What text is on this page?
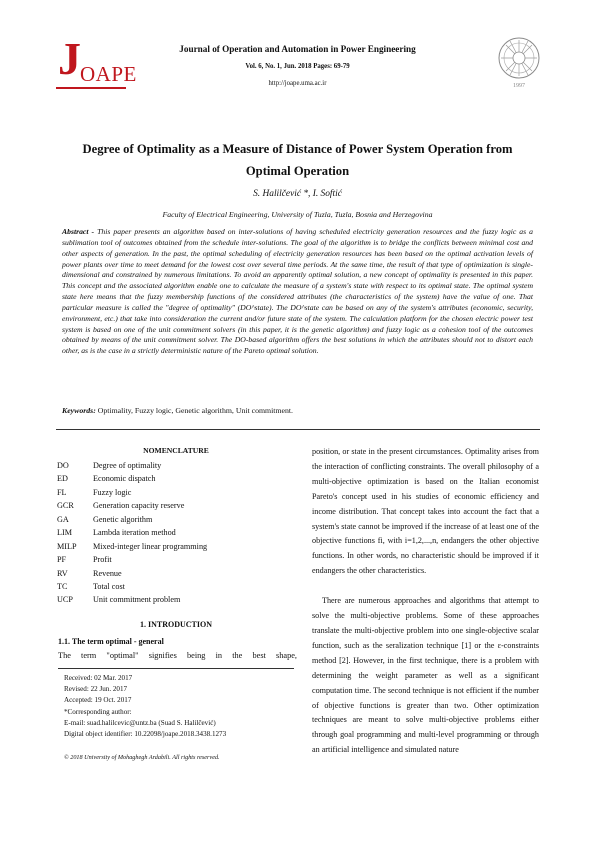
J OAPE
Journal of Operation and Automation in Power Engineering
Vol. 6, No. 1, Jun. 2018 Pages: 69-79
http://joape.uma.ac.ir	1997
Degree of Optimality as a Measure of Distance of Power System Operation from
Optimal Operation
S. Halilčević *, I. Softić
Faculty of Electrical Engineering, University of Tuzla, Tuzla, Bosnia and Herzegovina
Abstract - This paper presents an algorithm based on inter-solutions of having scheduled electricity generation resources and the fuzzy logic as a sublimation tool of outcomes obtained from the schedule inter-solutions. The goal of the algorithm is to bridge the conflicts between minimal cost and other aspects of generation. In the past, the optimal scheduling of electricity generation resources has been based on the optimal activation levels of power plants over time to meet demand for the lowest cost over several time periods. At the same time, the result of that type of optimization is single-dimensional and constrained by numerous limitations. To avoid an apparently optimal solution, a new concept of optimality is presented in this paper. This concept and the associated algorithm enable one to calculate the measure of a system's state with respect to its optimal state. The optimal system state here means that the fuzzy membership functions of the considered attributes (the characteristics of the system) have the value of one. That particular measure is called the "degree of optimality" (DO^state). The DO^state can be based on any of the system's attributes (economic, security, environment, etc.) that take into consideration the current and/or future state of the system. The calculation platform for the chosen electric power test system is based on one of the unit commitment solvers (in this paper, it is the genetic algorithm) and fuzzy logic as a cohesion tool of the outcomes obtained by means of the unit commitment solver. The DO-based algorithm offers the best solutions in which the attributes should not to distort each other, as is the case in a strictly deterministic nature of the Pareto optimal solution.
Keywords: Optimality, Fuzzy logic, Genetic algorithm, Unit commitment.
NOMENCLATURE
DO	Degree of optimality
ED	Economic dispatch
FL	Fuzzy logic
GCR Generation capacity reserve
GA	Genetic algorithm
LIM	Lambda iteration method
MILP Mixed-integer linear programming
PF	Profit
RV	Revenue
TC	Total cost
UCP Unit commitment problem
1. INTRODUCTION
1.1. The term optimal - general
The term "optimal" signifies being in the best shape,
Received: 02 Mar. 2017
Revised: 22 Jun. 2017
Accepted: 19 Oct. 2017
*Corresponding author:
E-mail: suad.halilcevic@untz.ba (Suad S. Halilčević)
Digital object identifier: 10.22098/joape.2018.3438.1273
© 2018 University of Mohaghegh Ardabili. All rights reserved.

position, or state in the present circumstances. Optimality arises from the interaction of conflicting constraints. The overall philosophy of a multi-objective optimization is based on the Italian economist Pareto's concept used in his studies of economic efficiency and income distribution. That concept takes into account the fact that a system's state cannot be improved if the increase of at least one of the objective functions fi, with i=1,2,...,n, endangers the other objective functions. In other words, no characteristic should be improved if it endangers the other characteristics.

There are numerous approaches and algorithms that attempt to solve the multi-objective problems. Some of these approaches translate the multi-objective problem into one single-objective scalar function, such as the seralization technique [1] or the ε-constraints method [2]. However, in the first technique, there is a problem with determining the weight parameter as well as a significant computation time. The second technique is not efficient if the number of objective functions is greater than two. Other optimization techniques are meant to solve multi-objective problems either through goal programming and multi-level programming or through an artificial intelligence and simulated nature
